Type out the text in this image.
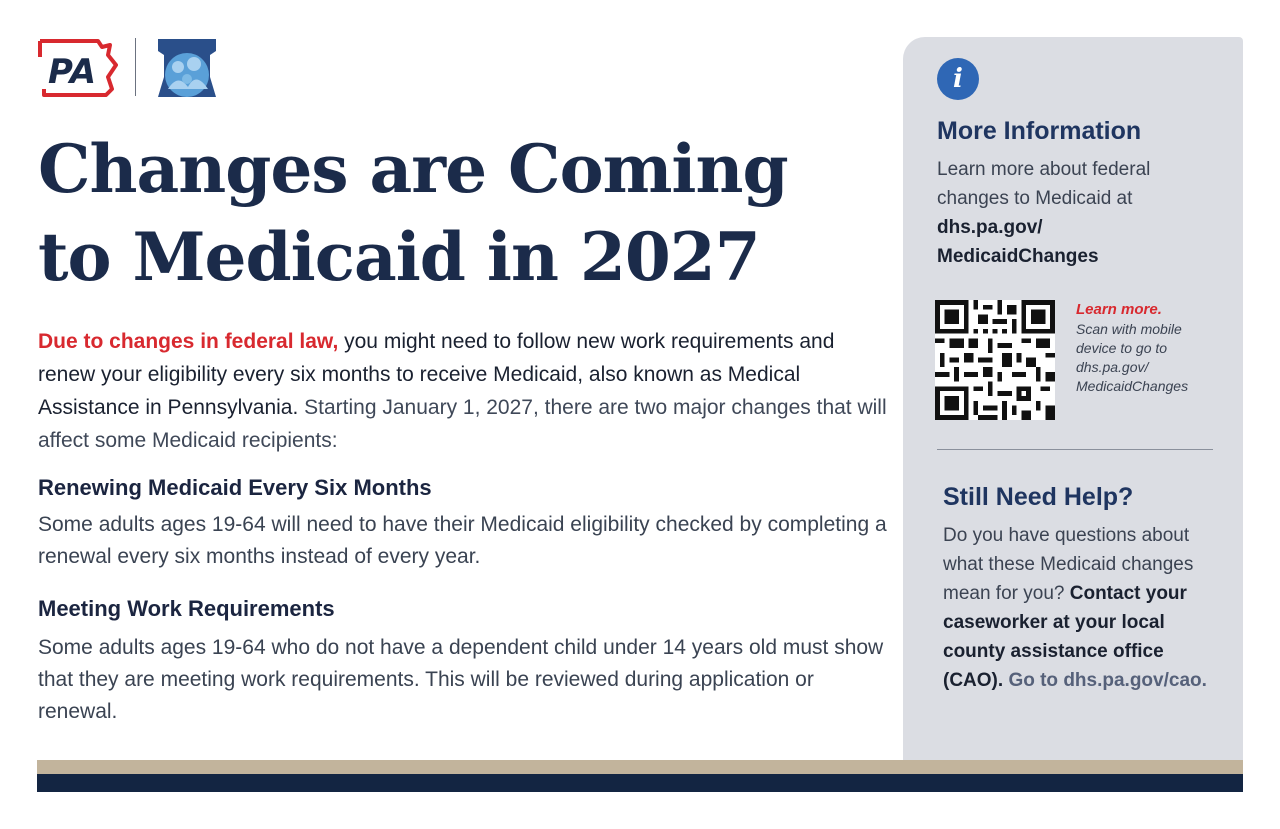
PA
Changes are Coming
to Medicaid in 2027

Due to changes in federal law, you might need to follow new work requirements and renew your eligibility every six months to receive Medicaid, also known as Medical Assistance in Pennsylvania. Starting January 1, 2027, there are two major changes that will affect some Medicaid recipients:

Renewing Medicaid Every Six Months

Some adults ages 19-64 will need to have their Medicaid eligibility checked by completing a renewal every six months instead of every year.

Meeting Work Requirements

Some adults ages 19-64 who do not have a dependent child under 14 years old must show that they are meeting work requirements. This will be reviewed during application or renewal.

i
More Information

Learn more about federal changes to Medicaid at
dhs.pa.gov/
MedicaidChanges

Learn more.
Scan with mobile
device to go to
dhs.pa.gov/
MedicaidChanges

Still Need Help?

Do you have questions about what these Medicaid changes mean for you? Contact your caseworker at your local county assistance office (CAO). Go to dhs.pa.gov/cao.
